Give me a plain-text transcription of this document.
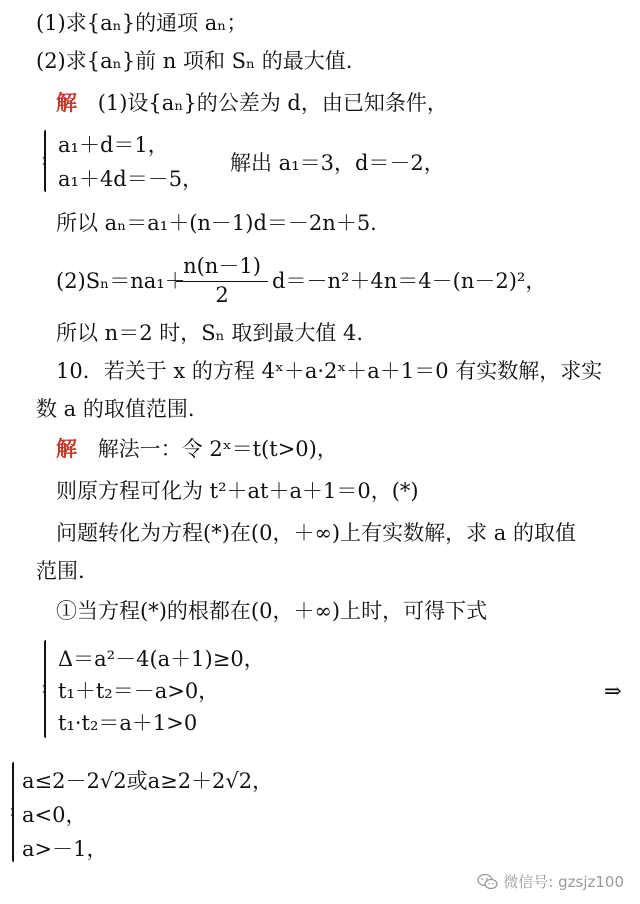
(1)求{aₙ}的通项 aₙ；
(2)求{aₙ}前 n 项和 Sₙ 的最大值.
解 (1)设{aₙ}的公差为 d，由已知条件，
a₁＋d＝1，
a₁＋4d＝－5，
解出 a₁＝3，d＝－2，
所以 aₙ＝a₁＋(n－1)d＝－2n＋5.
(2)Sₙ＝na₁＋
n(n－1)
2
d＝－n²＋4n＝4－(n－2)²，
所以 n＝2 时，Sₙ 取到最大值 4.
10．若关于 x 的方程 4ˣ＋a·2ˣ＋a＋1＝0 有实数解，求实
数 a 的取值范围.
解 解法一：令 2ˣ＝t(t>0)，
则原方程可化为 t²＋at＋a＋1＝0，(*)
问题转化为方程(*)在(0，＋∞)上有实数解，求 a 的取值
范围.
①当方程(*)的根都在(0，＋∞)上时，可得下式
Δ＝a²－4(a＋1)≥0，
t₁＋t₂＝－a>0，
t₁·t₂＝a＋1>0
⇒
a≤2－2√2或a≥2＋2√2，
a<0，
a>－1，
微信号: gzsjz100
